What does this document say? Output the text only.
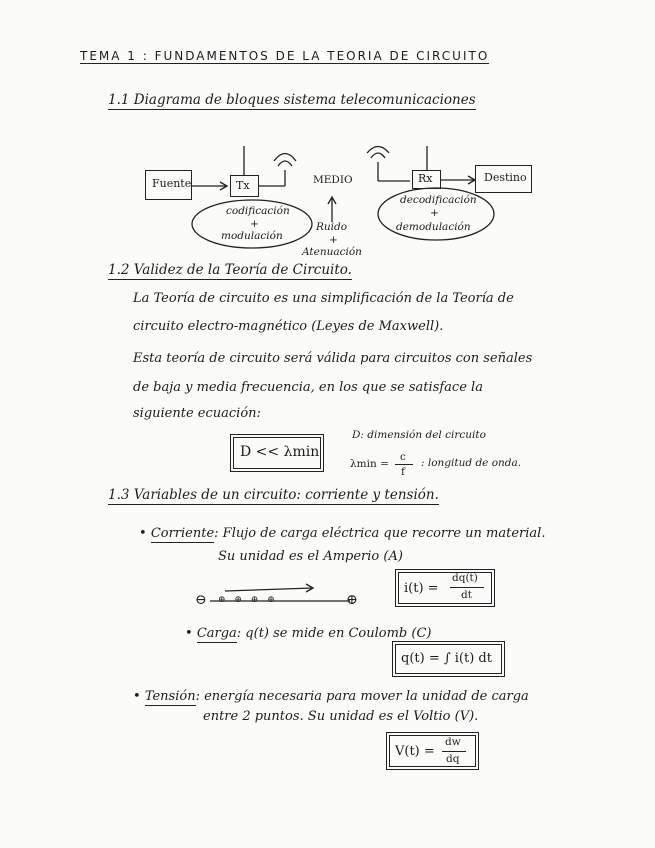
TEMA 1 : FUNDAMENTOS DE LA TEORIA DE CIRCUITO
1.1 Diagrama de bloques sistema telecomunicaciones
Fuente	Tx	MEDIO	Rx	Destino
codificación
+
modulación
Ruido
+
Atenuación
decodificación
+
demodulación
1.2 Validez de la Teoría de Circuito.
La Teoría de circuito es una simplificación de la Teoría de
circuito electro-magnético (Leyes de Maxwell).
Esta teoría de circuito será válida para circuitos con señales
de baja y media frecuencia, en los que se satisface la
siguiente ecuación:
D << λmin
D: dimensión del circuito
λmin =
c
f
: longitud de onda.
1.3 Variables de un circuito: corriente y tensión.
• Corriente: Flujo de carga eléctrica que recorre un material.
Su unidad es el Amperio (A)
⊖ ⊕ ⊕ ⊕ ⊕	⊕
i(t) =
dq(t)
dt
• Carga: q(t) se mide en Coulomb (C)
q(t) = ∫ i(t) dt
• Tensión: energía necesaria para mover la unidad de carga
entre 2 puntos. Su unidad es el Voltio (V).
V(t) =
dw
dq
